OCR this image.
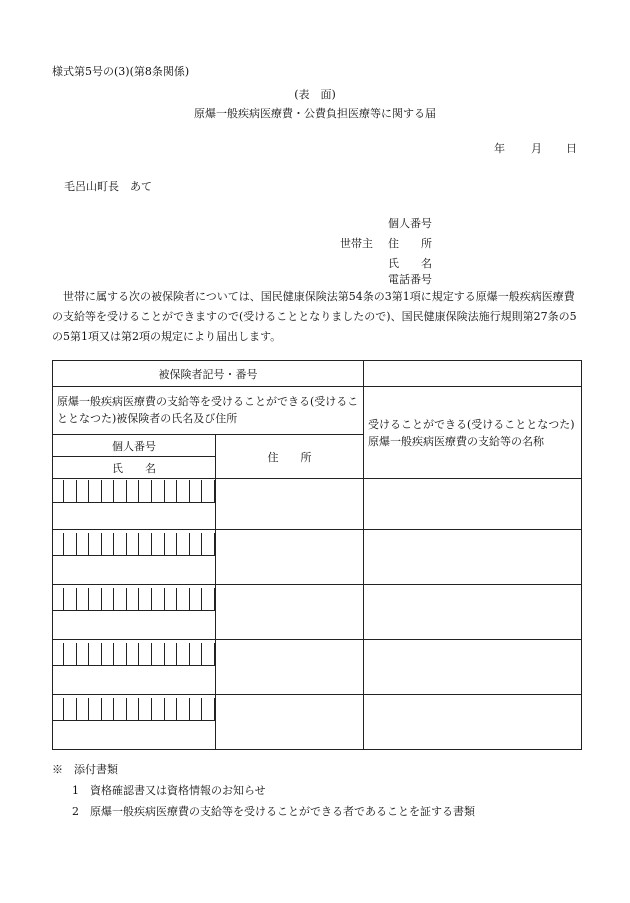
様式第5号の(3)(第8条関係)
(表　面)
原爆一般疾病医療費・公費負担医療等に関する届
年 月 日
毛呂山町長　あて
世帯主
個人番号
住　　所
氏　　名
電話番号

世帯に属する次の被保険者については、国民健康保険法第54条の3第1項に規定する原爆一般疾病医療費の支給等を受けることができますので(受けることとなりましたので)、国民健康保険法施行規則第27条の5の5第1項又は第2項の規定により届出します。

被保険者記号・番号		
原爆一般疾病医療費の支給等を受けることができる(受けることとなつた)被保険者の氏名及び住所		受けることができる(受けることとなつた)原爆一般疾病医療費の支給等の名称
個人番号	住　　所	
氏　　名		

※　添付書類
1　資格確認書又は資格情報のお知らせ
2　原爆一般疾病医療費の支給等を受けることができる者であることを証する書類
